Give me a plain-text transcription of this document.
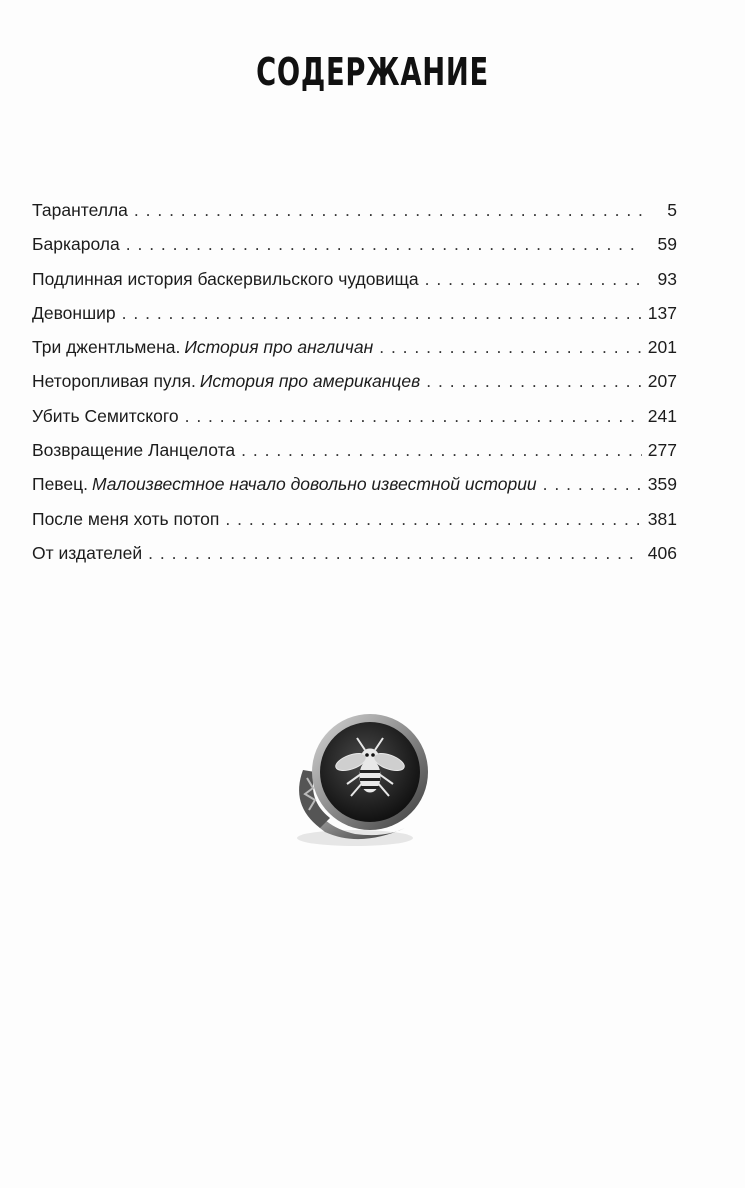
СОДЕРЖАНИЕ
Тарантелла . . .	5
Баркарола . . .	59
Подлинная история баскервильского чудовища . . .	93
Девоншир . . .	137
Три джентльмена. История про англичан . . .	201
Неторопливая пуля. История про американцев . . .	207
Убить Семитского . . .	241
Возвращение Ланцелота . . .	277
Певец. Малоизвестное начало довольно известной истории . . .	359
После меня хоть потоп . . .	381
От издателей . . .	406
